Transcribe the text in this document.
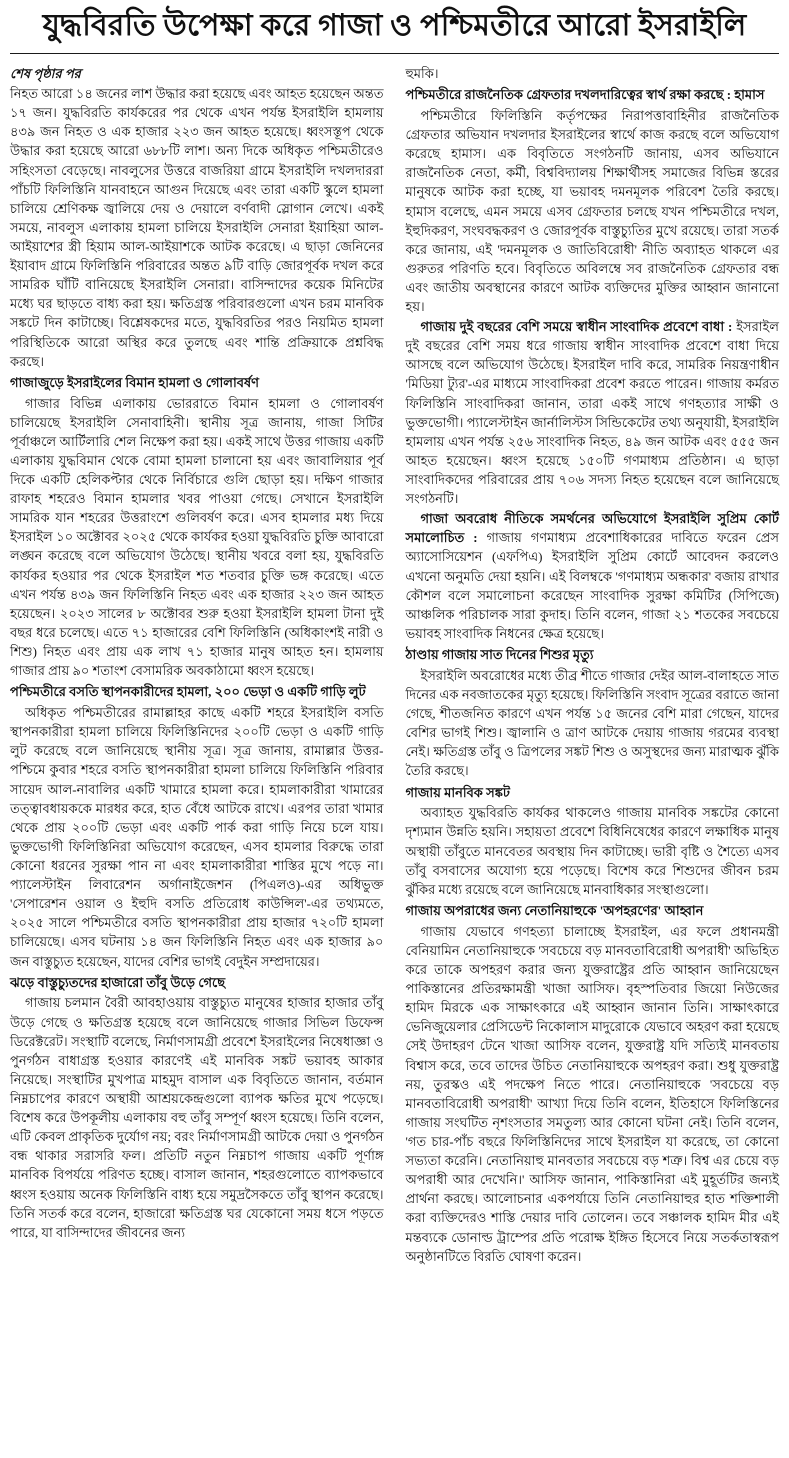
যুদ্ধবিরতি উপেক্ষা করে গাজা ও পশ্চিমতীরে আরো ইসরাইলি

শেষ পৃষ্ঠার পর

নিহত আরো ১৪ জনের লাশ উদ্ধার করা হয়েছে এবং আহত হয়েছেন অন্তত ১৭ জন। যুদ্ধবিরতি কার্যকরের পর থেকে এখন পর্যন্ত ইসরাইলি হামলায় ৪৩৯ জন নিহত ও এক হাজার ২২৩ জন আহত হয়েছে। ধ্বংসস্তূপ থেকে উদ্ধার করা হয়েছে আরো ৬৮৮টি লাশ। অন্য দিকে অধিকৃত পশ্চিমতীরেও সহিংসতা বেড়েছে। নাবলুসের উত্তরে বাজরিয়া গ্রামে ইসরাইলি দখলদাররা পাঁচটি ফিলিস্তিনি যানবাহনে আগুন দিয়েছে এবং তারা একটি স্কুলে হামলা চালিয়ে শ্রেণিকক্ষ জ্বালিয়ে দেয় ও দেয়ালে বর্ণবাদী স্লোগান লেখে। একই সময়ে, নাবলুস এলাকায় হামলা চালিয়ে ইসরাইলি সেনারা ইয়াহিয়া আল-আইয়াশের স্ত্রী হিয়াম আল-আইয়াশকে আটক করেছে। এ ছাড়া জেনিনের ইয়াবাদ গ্রামে ফিলিস্তিনি পরিবারের অন্তত ৯টি বাড়ি জোরপূর্বক দখল করে সামরিক ঘাঁটি বানিয়েছে ইসরাইলি সেনারা। বাসিন্দাদের কয়েক মিনিটের মধ্যে ঘর ছাড়তে বাধ্য করা হয়। ক্ষতিগ্রস্ত পরিবারগুলো এখন চরম মানবিক সঙ্কটে দিন কাটাচ্ছে। বিশ্লেষকদের মতে, যুদ্ধবিরতির পরও নিয়মিত হামলা পরিস্থিতিকে আরো অস্থির করে তুলছে এবং শান্তি প্রক্রিয়াকে প্রশ্নবিদ্ধ করছে।

গাজাজুড়ে ইসরাইলের বিমান হামলা ও গোলাবর্ষণ

গাজার বিভিন্ন এলাকায় ভোররাতে বিমান হামলা ও গোলাবর্ষণ চালিয়েছে ইসরাইলি সেনাবাহিনী। স্থানীয় সূত্র জানায়, গাজা সিটির পূর্বাঞ্চলে আর্টিলারি শেল নিক্ষেপ করা হয়। একই সাথে উত্তর গাজায় একটি এলাকায় যুদ্ধবিমান থেকে বোমা হামলা চালানো হয় এবং জাবালিয়ার পূর্ব দিকে একটি হেলিকপ্টার থেকে নির্বিচারে গুলি ছোড়া হয়। দক্ষিণ গাজার রাফাহ শহরেও বিমান হামলার খবর পাওয়া গেছে। সেখানে ইসরাইলি সামরিক যান শহরের উত্তরাংশে গুলিবর্ষণ করে। এসব হামলার মধ্য দিয়ে ইসরাইল ১০ অক্টোবর ২০২৫ থেকে কার্যকর হওয়া যুদ্ধবিরতি চুক্তি আবারো লঙ্ঘন করেছে বলে অভিযোগ উঠেছে। স্থানীয় খবরে বলা হয়, যুদ্ধবিরতি কার্যকর হওয়ার পর থেকে ইসরাইল শত শতবার চুক্তি ভঙ্গ করেছে। এতে এখন পর্যন্ত ৪৩৯ জন ফিলিস্তিনি নিহত এবং এক হাজার ২২৩ জন আহত হয়েছেন। ২০২৩ সালের ৮ অক্টোবর শুরু হওয়া ইসরাইলি হামলা টানা দুই বছর ধরে চলেছে। এতে ৭১ হাজারের বেশি ফিলিস্তিনি (অধিকাংশই নারী ও শিশু) নিহত এবং প্রায় এক লাখ ৭১ হাজার মানুষ আহত হন। হামলায় গাজার প্রায় ৯০ শতাংশ বেসামরিক অবকাঠামো ধ্বংস হয়েছে।

পশ্চিমতীরে বসতি স্থাপনকারীদের হামলা, ২০০ ভেড়া ও একটি গাড়ি লুট

অধিকৃত পশ্চিমতীরের রামাল্লাহর কাছে একটি শহরে ইসরাইলি বসতি স্থাপনকারীরা হামলা চালিয়ে ফিলিস্তিনিদের ২০০টি ভেড়া ও একটি গাড়ি লুট করেছে বলে জানিয়েছে স্থানীয় সূত্র। সূত্র জানায়, রামাল্লার উত্তর-পশ্চিমে কুবার শহরে বসতি স্থাপনকারীরা হামলা চালিয়ে ফিলিস্তিনি পরিবার সায়েদ আল-নাবালির একটি খামারে হামলা করে। হামলাকারীরা খামারের তত্ত্বাবধায়ককে মারধর করে, হাত বেঁধে আটকে রাখে। এরপর তারা খামার থেকে প্রায় ২০০টি ভেড়া এবং একটি পার্ক করা গাড়ি নিয়ে চলে যায়। ভুক্তভোগী ফিলিস্তিনিরা অভিযোগ করেছেন, এসব হামলার বিরুদ্ধে তারা কোনো ধরনের সুরক্ষা পান না এবং হামলাকারীরা শাস্তির মুখে পড়ে না। প্যালেস্টাইন লিবারেশন অর্গানাইজেশন (পিএলও)-এর অধিভুক্ত 'সেপারেশন ওয়াল ও ইহুদি বসতি প্রতিরোধ কাউন্সিল'-এর তথ্যমতে, ২০২৫ সালে পশ্চিমতীরে বসতি স্থাপনকারীরা প্রায় হাজার ৭২০টি হামলা চালিয়েছে। এসব ঘটনায় ১৪ জন ফিলিস্তিনি নিহত এবং এক হাজার ৯০ জন বাস্তুচ্যুত হয়েছেন, যাদের বেশির ভাগই বেদুইন সম্প্রদায়ের।

ঝড়ে বাস্তুচ্যুতদের হাজারো তাঁবু উড়ে গেছে

গাজায় চলমান বৈরী আবহাওয়ায় বাস্তুচ্যুত মানুষের হাজার হাজার তাঁবু উড়ে গেছে ও ক্ষতিগ্রস্ত হয়েছে বলে জানিয়েছে গাজার সিভিল ডিফেন্স ডিরেক্টরেট। সংস্থাটি বলেছে, নির্মাণসামগ্রী প্রবেশে ইসরাইলের নিষেধাজ্ঞা ও পুনর্গঠন বাধাগ্রস্ত হওয়ার কারণেই এই মানবিক সঙ্কট ভয়াবহ আকার নিয়েছে। সংস্থাটির মুখপাত্র মাহমুদ বাসাল এক বিবৃতিতে জানান, বর্তমান নিম্নচাপের কারণে অস্থায়ী আশ্রয়কেন্দ্রগুলো ব্যাপক ক্ষতির মুখে পড়েছে। বিশেষ করে উপকূলীয় এলাকায় বহু তাঁবু সম্পূর্ণ ধ্বংস হয়েছে। তিনি বলেন, এটি কেবল প্রাকৃতিক দুর্যোগ নয়; বরং নির্মাণসামগ্রী আটকে দেয়া ও পুনর্গঠন বন্ধ থাকার সরাসরি ফল। প্রতিটি নতুন নিম্নচাপ গাজায় একটি পূর্ণাঙ্গ মানবিক বিপর্যয়ে পরিণত হচ্ছে। বাসাল জানান, শহরগুলোতে ব্যাপকভাবে ধ্বংস হওয়ায় অনেক ফিলিস্তিনি বাধ্য হয়ে সমুদ্রসৈকতে তাঁবু স্থাপন করেছে। তিনি সতর্ক করে বলেন, হাজারো ক্ষতিগ্রস্ত ঘর যেকোনো সময় ধসে পড়তে পারে, যা বাসিন্দাদের জীবনের জন্য

হুমকি।

পশ্চিমতীরে রাজনৈতিক গ্রেফতার দখলদারিত্বের স্বার্থ রক্ষা করছে : হামাস

পশ্চিমতীরে ফিলিস্তিনি কর্তৃপক্ষের নিরাপত্তাবাহিনীর রাজনৈতিক গ্রেফতার অভিযান দখলদার ইসরাইলের স্বার্থে কাজ করছে বলে অভিযোগ করেছে হামাস। এক বিবৃতিতে সংগঠনটি জানায়, এসব অভিযানে রাজনৈতিক নেতা, কর্মী, বিশ্ববিদ্যালয় শিক্ষার্থীসহ সমাজের বিভিন্ন স্তরের মানুষকে আটক করা হচ্ছে, যা ভয়াবহ দমনমূলক পরিবেশ তৈরি করছে। হামাস বলেছে, এমন সময়ে এসব গ্রেফতার চলছে যখন পশ্চিমতীরে দখল, ইহুদিকরণ, সংঘবদ্ধকরণ ও জোরপূর্বক বাস্তুচ্যুতির মুখে রয়েছে। তারা সতর্ক করে জানায়, এই 'দমনমূলক ও জাতিবিরোধী' নীতি অব্যাহত থাকলে এর গুরুতর পরিণতি হবে। বিবৃতিতে অবিলম্বে সব রাজনৈতিক গ্রেফতার বন্ধ এবং জাতীয় অবস্থানের কারণে আটক ব্যক্তিদের মুক্তির আহ্বান জানানো হয়।

গাজায় দুই বছরের বেশি সময়ে স্বাধীন সাংবাদিক প্রবেশে বাধা : ইসরাইল দুই বছরের বেশি সময় ধরে গাজায় স্বাধীন সাংবাদিক প্রবেশে বাধা দিয়ে আসছে বলে অভিযোগ উঠেছে। ইসরাইল দাবি করে, সামরিক নিয়ন্ত্রণাধীন 'মিডিয়া ট্যুর'-এর মাধ্যমে সাংবাদিকরা প্রবেশ করতে পারেন। গাজায় কর্মরত ফিলিস্তিনি সাংবাদিকরা জানান, তারা একই সাথে গণহত্যার সাক্ষী ও ভুক্তভোগী। প্যালেস্টাইন জার্নালিস্টস সিন্ডিকেটের তথ্য অনুযায়ী, ইসরাইলি হামলায় এখন পর্যন্ত ২৫৬ সাংবাদিক নিহত, ৪৯ জন আটক এবং ৫৫৫ জন আহত হয়েছেন। ধ্বংস হয়েছে ১৫০টি গণমাধ্যম প্রতিষ্ঠান। এ ছাড়া সাংবাদিকদের পরিবারের প্রায় ৭০৬ সদস্য নিহত হয়েছেন বলে জানিয়েছে সংগঠনটি।

গাজা অবরোধ নীতিকে সমর্থনের অভিযোগে ইসরাইলি সুপ্রিম কোর্ট সমালোচিত : গাজায় গণমাধ্যম প্রবেশাধিকারের দাবিতে ফরেন প্রেস অ্যাসোসিয়েশন (এফপিএ) ইসরাইলি সুপ্রিম কোর্টে আবেদন করলেও এখনো অনুমতি দেয়া হয়নি। এই বিলম্বকে 'গণমাধ্যম অন্ধকার' বজায় রাখার কৌশল বলে সমালোচনা করেছেন সাংবাদিক সুরক্ষা কমিটির (সিপিজে) আঞ্চলিক পরিচালক সারা কুদাহ। তিনি বলেন, গাজা ২১ শতকের সবচেয়ে ভয়াবহ সাংবাদিক নিধনের ক্ষেত্র হয়েছে।

ঠাণ্ডায় গাজায় সাত দিনের শিশুর মৃত্যু

ইসরাইলি অবরোধের মধ্যে তীব্র শীতে গাজার দেইর আল-বালাহতে সাত দিনের এক নবজাতকের মৃত্যু হয়েছে। ফিলিস্তিনি সংবাদ সূত্রের বরাতে জানা গেছে, শীতজনিত কারণে এখন পর্যন্ত ১৫ জনের বেশি মারা গেছেন, যাদের বেশির ভাগই শিশু। জ্বালানি ও ত্রাণ আটকে দেয়ায় গাজায় গরমের ব্যবস্থা নেই। ক্ষতিগ্রস্ত তাঁবু ও ত্রিপলের সঙ্কট শিশু ও অসুস্থদের জন্য মারাত্মক ঝুঁকি তৈরি করছে।

গাজায় মানবিক সঙ্কট

অব্যাহত যুদ্ধবিরতি কার্যকর থাকলেও গাজায় মানবিক সঙ্কটের কোনো দৃশ্যমান উন্নতি হয়নি। সহায়তা প্রবেশে বিধিনিষেধের কারণে লক্ষাধিক মানুষ অস্থায়ী তাঁবুতে মানবেতর অবস্থায় দিন কাটাচ্ছে। ভারী বৃষ্টি ও শৈত্যে এসব তাঁবু বসবাসের অযোগ্য হয়ে পড়েছে। বিশেষ করে শিশুদের জীবন চরম ঝুঁকির মধ্যে রয়েছে বলে জানিয়েছে মানবাধিকার সংস্থাগুলো।

গাজায় অপরাধের জন্য নেতানিয়াহুকে 'অপহরণের' আহ্বান

গাজায় যেভাবে গণহত্যা চালাচ্ছে ইসরাইল, এর ফলে প্রধানমন্ত্রী বেনিয়ামিন নেতানিয়াহুকে 'সবচেয়ে বড় মানবতাবিরোধী অপরাধী' অভিহিত করে তাকে অপহরণ করার জন্য যুক্তরাষ্ট্রের প্রতি আহ্বান জানিয়েছেন পাকিস্তানের প্রতিরক্ষামন্ত্রী খাজা আসিফ। বৃহস্পতিবার জিয়ো নিউজের হামিদ মিরকে এক সাক্ষাৎকারে এই আহ্বান জানান তিনি। সাক্ষাৎকারে ভেনিজুয়েলার প্রেসিডেন্ট নিকোলাস মাদুরোকে যেভাবে অহরণ করা হয়েছে সেই উদাহরণ টেনে খাজা আসিফ বলেন, যুক্তরাষ্ট্র যদি সত্যিই মানবতায় বিশ্বাস করে, তবে তাদের উচিত নেতানিয়াহুকে অপহরণ করা। শুধু যুক্তরাষ্ট্র নয়, তুরস্কও এই পদক্ষেপ নিতে পারে। নেতানিয়াহুকে 'সবচেয়ে বড় মানবতাবিরোধী অপরাধী' আখ্যা দিয়ে তিনি বলেন, ইতিহাসে ফিলিস্তিনের গাজায় সংঘটিত নৃশংসতার সমতুল্য আর কোনো ঘটনা নেই। তিনি বলেন, 'গত চার-পাঁচ বছরে ফিলিস্তিনিদের সাথে ইসরাইল যা করেছে, তা কোনো সভ্যতা করেনি। নেতানিয়াহু মানবতার সবচেয়ে বড় শত্রু। বিশ্ব এর চেয়ে বড় অপরাধী আর দেখেনি।' আসিফ জানান, পাকিস্তানিরা এই মুহূর্তটির জন্যই প্রার্থনা করছে। আলোচনার একপর্যায়ে তিনি নেতানিয়াহুর হাত শক্তিশালী করা ব্যক্তিদেরও শাস্তি দেয়ার দাবি তোলেন। তবে সঞ্চালক হামিদ মীর এই মন্তব্যকে ডোনাল্ড ট্রাম্পের প্রতি পরোক্ষ ইঙ্গিত হিসেবে নিয়ে সতর্কতাস্বরূপ অনুষ্ঠানটিতে বিরতি ঘোষণা করেন।
